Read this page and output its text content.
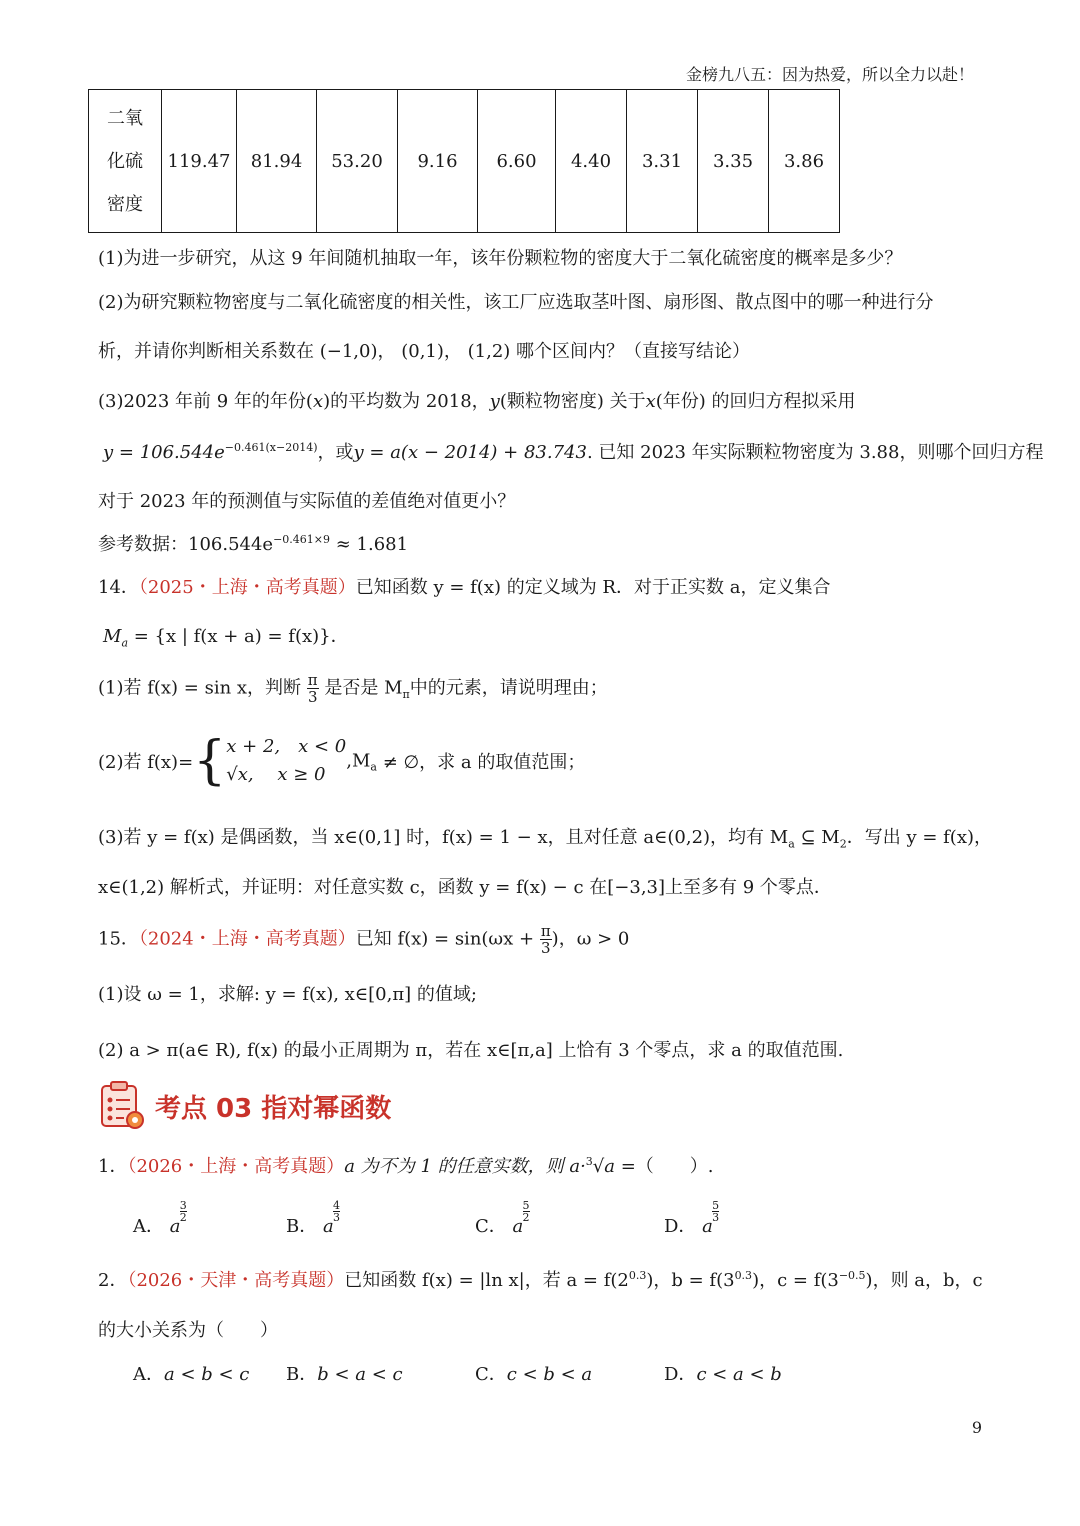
金榜九八五：因为热爱，所以全力以赴！
二氧
化硫
密度
	119.47	81.94	53.20	9.16	6.60	4.40	3.31	3.35	3.86
(1)为进一步研究，从这 9 年间随机抽取一年，该年份颗粒物的密度大于二氧化硫密度的概率是多少？
(2)为研究颗粒物密度与二氧化硫密度的相关性，该工厂应选取茎叶图、扇形图、散点图中的哪一种进行分
析，并请你判断相关系数在 (−1,0)， (0,1)， (1,2) 哪个区间内？（直接写结论）
(3)2023 年前 9 年的年份(x)的平均数为 2018，y(颗粒物密度) 关于x(年份) 的回归方程拟采用
$y = 106.544e^{-0.461(x-2014)}$，或y = a(x − 2014) + 83.743. 已知 2023 年实际颗粒物密度为 3.88，则哪个回归方程
对于 2023 年的预测值与实际值的差值绝对值更小？
参考数据：$106.544e^{-0.461\times 9} \approx 1.681$
14．（2025・上海・高考真题）已知函数 y = f(x) 的定义域为 R．对于正实数 a，定义集合
$M_a = \{x$ | f(x + a) = f(x)}．
(1)若 f(x) = sin x，判断 $\frac{\pi}{3}$ 是否是 $M_\pi$中的元素，请说明理由；
(2)若 f(x)={ x + 2,　x < 0
√x,　 x ≥ 0
$,M_a$ ≠ ∅，求 a 的取值范围；
(3)若 y = f(x) 是偶函数，当 x∈(0,1] 时，f(x) = 1 − x，且对任意 a∈(0,2)，均有 $M_a$ ⊆ $M_2$．写出 y = f(x)，
x∈(1,2) 解析式，并证明：对任意实数 c，函数 y = f(x) − c 在[−3,3]上至多有 9 个零点．
15．（2024・上海・高考真题）已知 $f(x) = \sin(\omega x + \frac{\pi}{3}$ )，ω > 0
(1)设 ω = 1，求解: y = f(x), x∈[0,π] 的值域;
(2) a > π(a∈ R), f(x) 的最小正周期为 π，若在 x∈[π,a] 上恰有 3 个零点，求 a 的取值范围.
考点 03 指对幂函数
1．（2026・上海・高考真题）a 为不为 1 的任意实数，则 a·$^3$√a =（　　）.
A． a
$\frac{3}{2}$
B． a
$\frac{4}{3}$
C． a
$\frac{5}{2}$
D． a
$\frac{5}{3}$
2．（2026・天津・高考真题）已知函数 f(x) = |ln x|，若 $a = f(2^{0.3})$，$b = f(3^{0.3})$，$c = f(3^{-0.5})$，则 a，b，c
的大小关系为（　　）
A．a < b < c B．b < a < c	C．c < b < a	D．c < a < b
9
